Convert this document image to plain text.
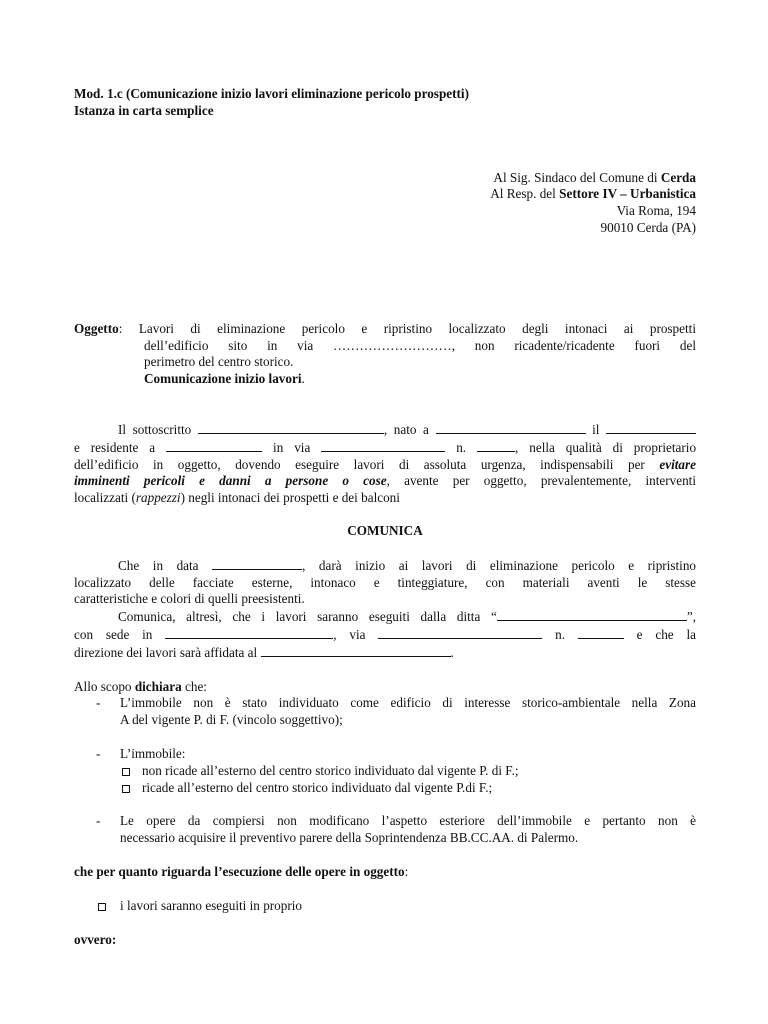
Mod. 1.c (Comunicazione inizio lavori eliminazione pericolo prospetti)
Istanza in carta semplice
Al Sig. Sindaco del Comune di Cerda
Al Resp. del Settore IV – Urbanistica
Via Roma, 194
90010 Cerda (PA)
Oggetto: Lavori di eliminazione pericolo e ripristino localizzato degli intonaci ai prospetti
dell’edificio sito in via ………………………, non ricadente/ricadente fuori del
perimetro del centro storico.
Comunicazione inizio lavori.
Il sottoscritto	, nato a	il
e residente a	in via	n.	, nella qualità di proprietario
dell’edificio in oggetto, dovendo eseguire lavori di assoluta urgenza, indispensabili per evitare
imminenti pericoli e danni a persone o cose, avente per oggetto, prevalentemente, interventi
localizzati (rappezzi) negli intonaci dei prospetti e dei balconi
COMUNICA
Che in data	, darà inizio ai lavori di eliminazione pericolo e ripristino
localizzato delle facciate esterne, intonaco e tinteggiature, con materiali aventi le stesse
caratteristiche e colori di quelli preesistenti.
Comunica, altresì, che i lavori saranno eseguiti dalla ditta “	”,
con sede in	, via	n.	e che la
direzione dei lavori sarà affidata al	.
Allo scopo dichiara che:
- L’immobile non è stato individuato come edificio di interesse storico-ambientale nella Zona
A del vigente P. di F. (vincolo soggettivo);
- L’immobile:
non ricade all’esterno del centro storico individuato dal vigente P. di F.;
ricade all’esterno del centro storico individuato dal vigente P.di F.;
- Le opere da compiersi non modificano l’aspetto esteriore dell’immobile e pertanto non è
necessario acquisire il preventivo parere della Soprintendenza BB.CC.AA. di Palermo.
che per quanto riguarda l’esecuzione delle opere in oggetto:
i lavori saranno eseguiti in proprio
ovvero:
